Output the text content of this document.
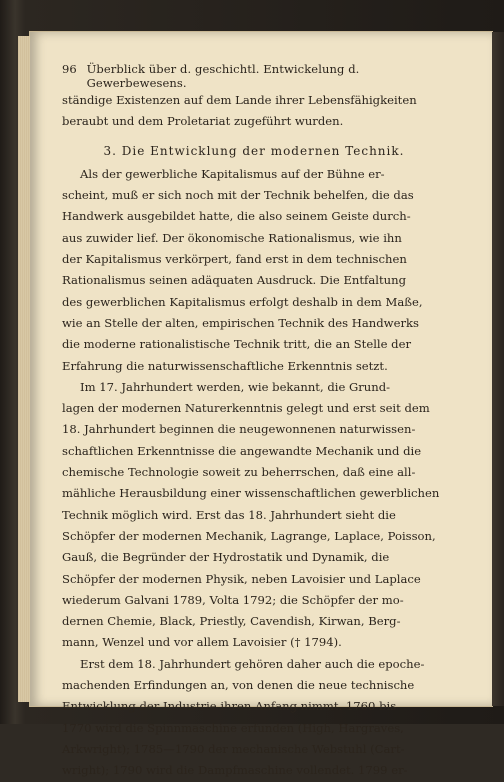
96 Überblick über d. geschichtl. Entwickelung d. Gewerbewesens.
ständige Existenzen auf dem Lande ihrer Lebensfähigkeiten
beraubt und dem Proletariat zugeführt wurden.
3. Die Entwicklung der modernen Technik.
Als der gewerbliche Kapitalismus auf der Bühne er-
scheint, muß er sich noch mit der Technik behelfen, die das
Handwerk ausgebildet hatte, die also seinem Geiste durch-
aus zuwider lief. Der ökonomische Rationalismus, wie ihn
der Kapitalismus verkörpert, fand erst in dem technischen
Rationalismus seinen adäquaten Ausdruck. Die Entfaltung
des gewerblichen Kapitalismus erfolgt deshalb in dem Maße,
wie an Stelle der alten, empirischen Technik des Handwerks
die moderne rationalistische Technik tritt, die an Stelle der
Erfahrung die naturwissenschaftliche Erkenntnis setzt.
Im 17. Jahrhundert werden, wie bekannt, die Grund-
lagen der modernen Naturerkenntnis gelegt und erst seit dem
18. Jahrhundert beginnen die neugewonnenen naturwissen-
schaftlichen Erkenntnisse die angewandte Mechanik und die
chemische Technologie soweit zu beherrschen, daß eine all-
mähliche Herausbildung einer wissenschaftlichen gewerblichen
Technik möglich wird. Erst das 18. Jahrhundert sieht die
Schöpfer der modernen Mechanik, Lagrange, Laplace, Poisson,
Gauß, die Begründer der Hydrostatik und Dynamik, die
Schöpfer der modernen Physik, neben Lavoisier und Laplace
wiederum Galvani 1789, Volta 1792; die Schöpfer der mo-
dernen Chemie, Black, Priestly, Cavendish, Kirwan, Berg-
mann, Wenzel und vor allem Lavoisier († 1794).
Erst dem 18. Jahrhundert gehören daher auch die epoche-
machenden Erfindungen an, von denen die neue technische
Entwicklung der Industrie ihren Anfang nimmt. 1760 bis
1770 wird die Spinnmaschine erfunden (High, Hargraves,
Arkwright); 1785—1790 der mechanische Webstuhl (Cart-
wright); 1790 wird die Dampfmaschine vollendet. 1799 er-
